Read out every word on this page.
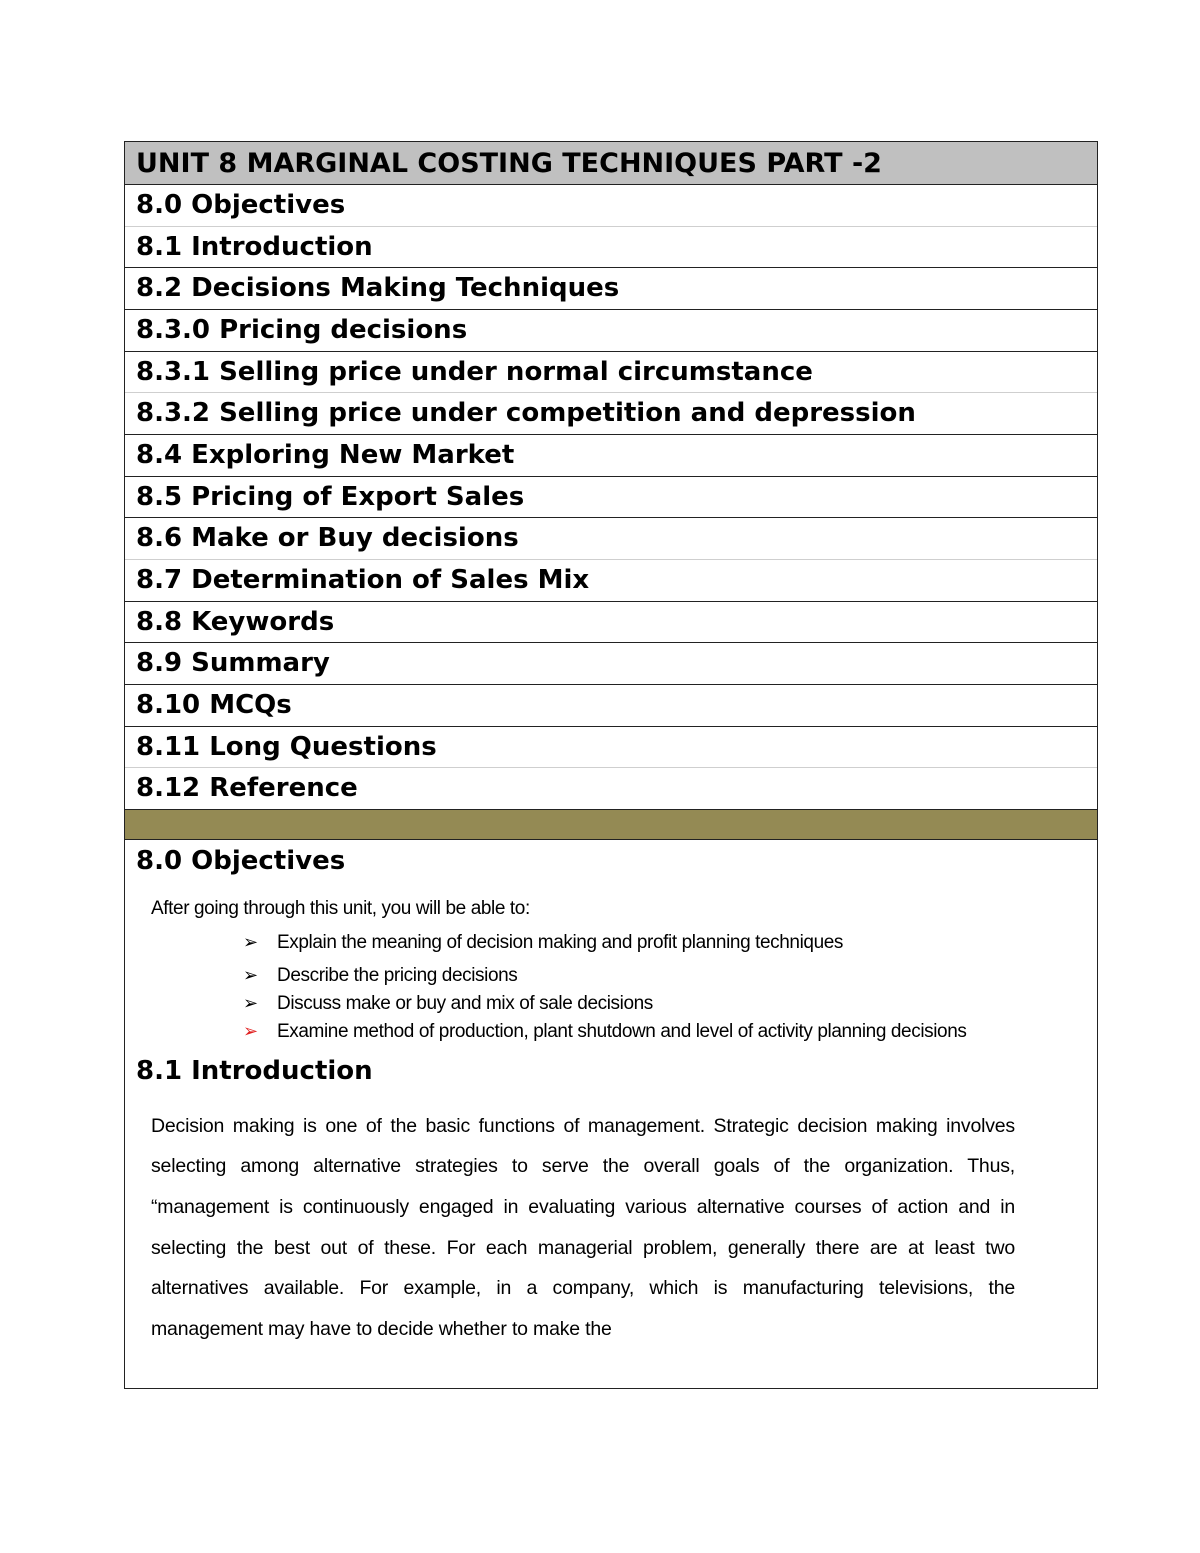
UNIT 8 MARGINAL COSTING TECHNIQUES PART -2
8.0 Objectives
8.1 Introduction
8.2 Decisions Making Techniques
8.3.0 Pricing decisions
8.3.1 Selling price under normal circumstance
8.3.2 Selling price under competition and depression
8.4 Exploring New Market
8.5 Pricing of Export Sales
8.6 Make or Buy decisions
8.7 Determination of Sales Mix
8.8 Keywords
8.9 Summary
8.10 MCQs
8.11 Long Questions
8.12 Reference
8.0 Objectives
After going through this unit, you will be able to:
➢ Explain the meaning of decision making and profit planning techniques
➢ Describe the pricing decisions
➢ Discuss make or buy and mix of sale decisions
➢ Examine method of production, plant shutdown and level of activity planning decisions
8.1 Introduction
Decision making is one of the basic functions of management. Strategic decision making involves selecting among alternative strategies to serve the overall goals of the organization. Thus, “management is continuously engaged in evaluating various alternative courses of action and in selecting the best out of these. For each managerial problem, generally there are at least two alternatives available. For example, in a company, which is manufacturing televisions, the management may have to decide whether to make the
